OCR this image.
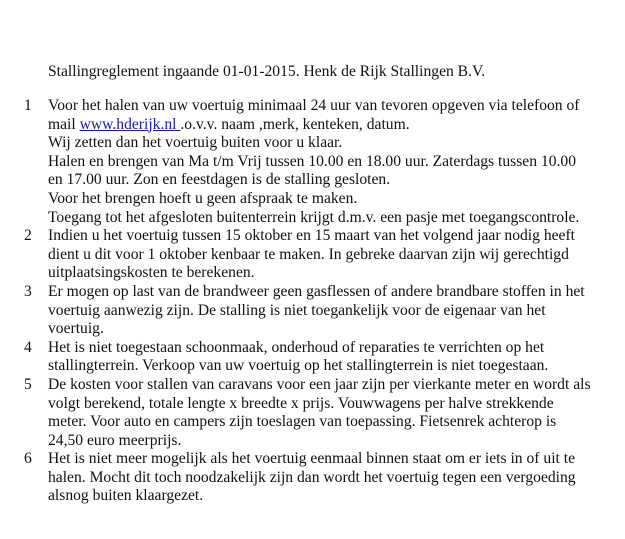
Stallingreglement ingaande 01-01-2015. Henk de Rijk Stallingen B.V.
1	Voor het halen van uw voertuig minimaal 24 uur van tevoren opgeven via telefoon of
mail www.hderijk.nl .o.v.v. naam ,merk, kenteken, datum.
Wij zetten dan het voertuig buiten voor u klaar.
Halen en brengen van Ma t/m Vrij tussen 10.00 en 18.00 uur. Zaterdags tussen 10.00
en 17.00 uur. Zon en feestdagen is de stalling gesloten.
Voor het brengen hoeft u geen afspraak te maken.
Toegang tot het afgesloten buitenterrein krijgt d.m.v. een pasje met toegangscontrole.
2	Indien u het voertuig tussen 15 oktober en 15 maart van het volgend jaar nodig heeft
dient u dit voor 1 oktober kenbaar te maken. In gebreke daarvan zijn wij gerechtigd
uitplaatsingskosten te berekenen.
3	Er mogen op last van de brandweer geen gasflessen of andere brandbare stoffen in het
voertuig aanwezig zijn. De stalling is niet toegankelijk voor de eigenaar van het
voertuig.
4	Het is niet toegestaan schoonmaak, onderhoud of reparaties te verrichten op het
stallingterrein. Verkoop van uw voertuig op het stallingterrein is niet toegestaan.
5	De kosten voor stallen van caravans voor een jaar zijn per vierkante meter en wordt als
volgt berekend, totale lengte x breedte x prijs. Vouwwagens per halve strekkende
meter. Voor auto en campers zijn toeslagen van toepassing. Fietsenrek achterop is
24,50 euro meerprijs.
6	Het is niet meer mogelijk als het voertuig eenmaal binnen staat om er iets in of uit te
halen. Mocht dit toch noodzakelijk zijn dan wordt het voertuig tegen een vergoeding
alsnog buiten klaargezet.
